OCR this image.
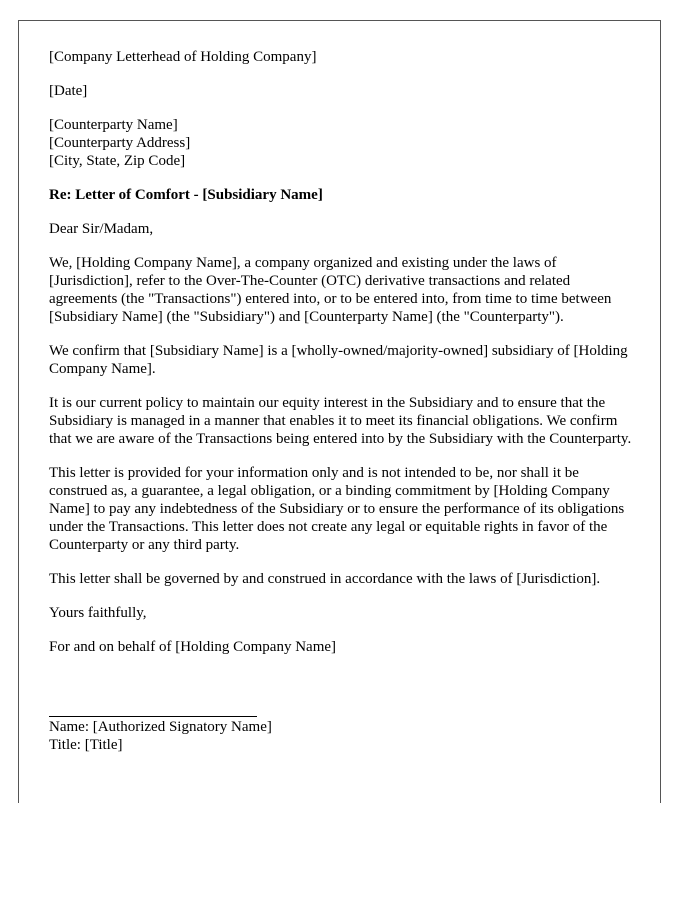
[Company Letterhead of Holding Company]

[Date]

[Counterparty Name]
[Counterparty Address]
[City, State, Zip Code]

Re: Letter of Comfort - [Subsidiary Name]

Dear Sir/Madam,

We, [Holding Company Name], a company organized and existing under the laws of [Jurisdiction], refer to the Over-The-Counter (OTC) derivative transactions and related agreements (the "Transactions") entered into, or to be entered into, from time to time between [Subsidiary Name] (the "Subsidiary") and [Counterparty Name] (the "Counterparty").

We confirm that [Subsidiary Name] is a [wholly-owned/majority-owned] subsidiary of [Holding Company Name].

It is our current policy to maintain our equity interest in the Subsidiary and to ensure that the Subsidiary is managed in a manner that enables it to meet its financial obligations. We confirm that we are aware of the Transactions being entered into by the Subsidiary with the Counterparty.

This letter is provided for your information only and is not intended to be, nor shall it be construed as, a guarantee, a legal obligation, or a binding commitment by [Holding Company Name] to pay any indebtedness of the Subsidiary or to ensure the performance of its obligations under the Transactions. This letter does not create any legal or equitable rights in favor of the Counterparty or any third party.

This letter shall be governed by and construed in accordance with the laws of [Jurisdiction].

Yours faithfully,

For and on behalf of [Holding Company Name]

Name: [Authorized Signatory Name]
Title: [Title]
